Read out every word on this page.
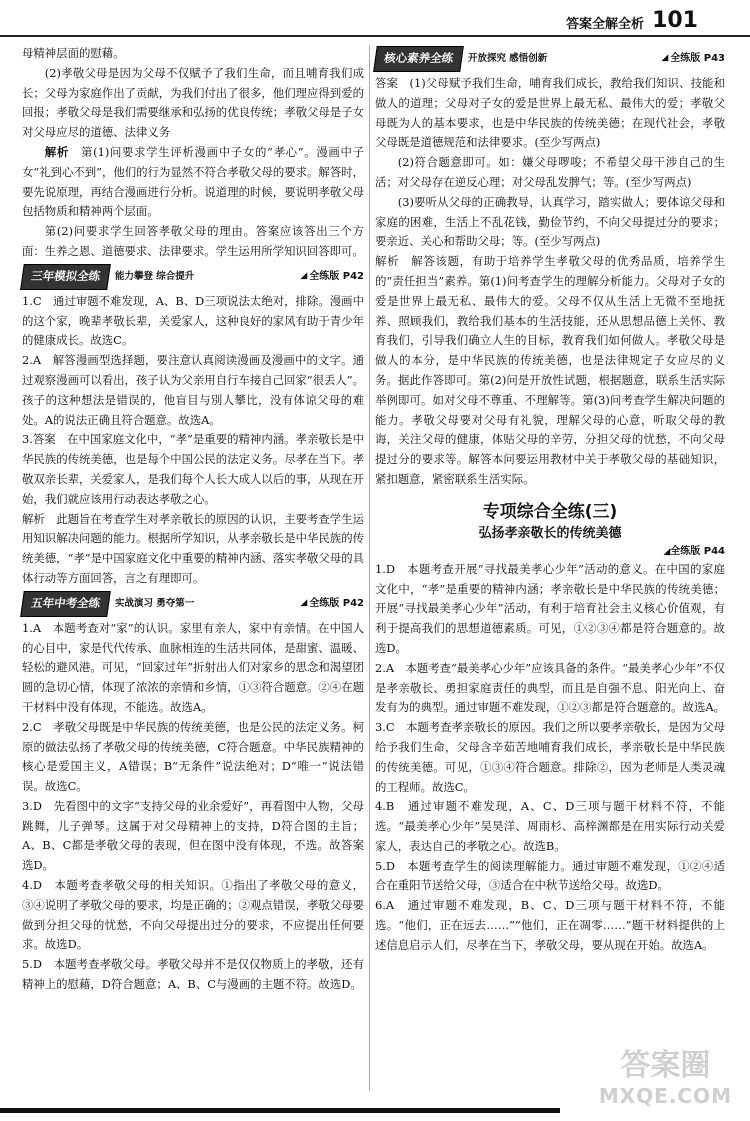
答案全解全析 101

母精神层面的慰藉。

(2)孝敬父母是因为父母不仅赋予了我们生命，而且哺育我们成长；父母为家庭作出了贡献，为我们付出了很多，他们理应得到爱的回报；孝敬父母是我们需要继承和弘扬的优良传统；孝敬父母是子女对父母应尽的道德、法律义务

解析　 第(1)问要求学生评析漫画中子女的“孝心”。漫画中子女“礼到心不到”，他们的行为显然不符合孝敬父母的要求。解答时，要先说原理，再结合漫画进行分析。说道理的时候，要说明孝敬父母包括物质和精神两个层面。

第(2)问要求学生回答孝敬父母的理由。答案应该答出三个方面：生养之恩、道德要求、法律要求。学生运用所学知识回答即可。

三年模拟全练	能力攀登 综合提升	◢ 全练版 P42

1.C　通过审题不难发现，A、B、D三项说法太绝对，排除。漫画中的这个家，晚辈孝敬长辈，关爱家人，这种良好的家风有助于青少年的健康成长。故选C。

2.A　解答漫画型选择题，要注意认真阅读漫画及漫画中的文字。通过观察漫画可以看出，孩子认为父亲用自行车接自己回家“很丢人”。孩子的这种想法是错误的，他盲目与別人攀比，没有体谅父母的难处。A的说法正确且符合题意。故选A。

3.答案　在中国家庭文化中，“孝”是重要的精神内涵。孝亲敬长是中华民族的传统美德，也是每个中国公民的法定义务。尽孝在当下。孝敬双亲长辈，关爱家人，是我们每个人长大成人以后的事，从现在开始，我们就应该用行动表达孝敬之心。

解析　此题旨在考查学生对孝亲敬长的原因的认识，主要考查学生运用知识解决问题的能力。根据所学知识，从孝亲敬长是中华民族的传统美德，“孝”是中国家庭文化中重要的精神内涵、落实孝敬父母的具体行动等方面回答，言之有理即可。

五年中考全练	实战演习 勇夺第一	◢ 全练版 P42

1.A　本题考查对“家”的认识。家里有亲人，家中有亲情。在中国人的心目中，家是代代传承、血脉相连的生活共同体，是甜蜜、温暖、轻松的避风港。可见，“回家过年”折射出人们对家乡的思念和渴望团圆的急切心情，体现了浓浓的亲情和乡情，①③符合题意。②④在题干材料中没有体现，不能选。故选A。

2.C　孝敬父母既是中华民族的传统美德，也是公民的法定义务。柯原的做法弘扬了孝敬父母的传统美德，C符合题意。中华民族精神的核心是爱国主义，A错误；B“无条件”说法绝对；D“唯一”说法错误。故选C。

3.D　先看图中的文字“支持父母的业余爱好”，再看图中人物，父母跳舞，儿子弹琴。这属于对父母精神上的支持，D符合图的主旨；A、B、C都是孝敬父母的表现，但在图中没有体现，不选。故答案选D。

4.D　本题考查孝敬父母的相关知识。①指出了孝敬父母的意义，③④说明了孝敬父母的要求，均是正确的；②观点错误，孝敬父母要做到分担父母的忧愁，不向父母提出过分的要求，不应提出任何要求。故选D。

5.D　本题考查孝敬父母。孝敬父母并不是仅仅物质上的孝敬，还有精神上的慰藉，D符合题意；A、B、C与漫画的主题不符。故选D。

核心素养全练	开放探究 感悟创新	◢ 全练版 P43

答案　(1)父母赋予我们生命，哺育我们成长，教给我们知识、技能和做人的道理；父母对子女的爱是世界上最无私、最伟大的爱；孝敬父母既为人的基本要求，也是中华民族的传统美德；在现代社会，孝敬父母既是道德规范和法律要求。(至少写两点)

(2)符合题意即可。如：嫌父母啰唆；不希望父母干涉自己的生活；对父母存在逆反心理；对父母乱发脾气；等。(至少写两点)

(3)要听从父母的正确教导，认真学习，踏实做人；要体谅父母和家庭的困难，生活上不乱花钱，勤俭节约，不向父母提过分的要求；要亲近、关心和帮助父母；等。(至少写两点)

解析　解答该题，有助于培养学生孝敬父母的优秀品质，培养学生的“责任担当”素养。第(1)问考查学生的理解分析能力。父母对子女的爱是世界上最无私、最伟大的爱。父母不仅从生活上无微不至地抚养、照顾我们，教给我们基本的生活技能，还从思想品德上关怀、教育我们，引导我们确立人生的目标，教育我们如何做人。孝敬父母是做人的本分，是中华民族的传统美德，也是法律规定子女应尽的义务。据此作答即可。第(2)问是开放性试题，根据题意，联系生活实际举例即可。如对父母不尊重、不理解等。第(3)问考查学生解决问题的能力。孝敬父母要对父母有礼貌，理解父母的心意，听取父母的教诲，关注父母的健康，体贴父母的辛劳，分担父母的忧愁，不向父母提过分的要求等。解答本问要运用教材中关于孝敬父母的基础知识，紧扣题意，紧密联系生活实际。

专项综合全练(三)
弘扬孝亲敬长的传统美德
◢全练版 P44

1.D　本题考查开展“寻找最美孝心少年”活动的意义。在中国的家庭文化中，“孝”是重要的精神内涵；孝亲敬长是中华民族的传统美德；开展“寻找最美孝心少年”活动，有利于培育社会主义核心价值观，有利于提高我们的思想道德素质。可见，①②③④都是符合题意的。故选D。

2.A　本题考查“最美孝心少年”应该具备的条件。“最美孝心少年”不仅是孝亲敬长、勇担家庭责任的典型，而且是自强不息、阳光向上、奋发有为的典型。通过审题不难发现，①②③都是符合题意的。故选A。

3.C　本题考查孝亲敬长的原因。我们之所以要孝亲敬长，是因为父母给予我们生命，父母含辛茹苦地哺育我们成长，孝亲敬长是中华民族的传统美德。可见，①③④符合题意。排除②，因为老师是人类灵魂的工程师。故选C。

4.B　通过审题不难发现，A、C、D三项与题干材料不符，不能选。“最美孝心少年”吴昊洋、周雨杉、高梓渊都是在用实际行动关爱家人，表达自己的孝敬之心。故选B。

5.D　本题考查学生的阅读理解能力。通过审题不难发现，①②④适合在重阳节送给父母，③适合在中秋节送给父母。故选D。

6.A　通过审题不难发现，B、C、D三项与题干材料不符，不能选。“他们，正在远去……”“他们，正在凋零……”题干材料提供的上述信息启示人们，尽孝在当下，孝敬父母，要从现在开始。故选A。

答案圈
MXQE.COM
